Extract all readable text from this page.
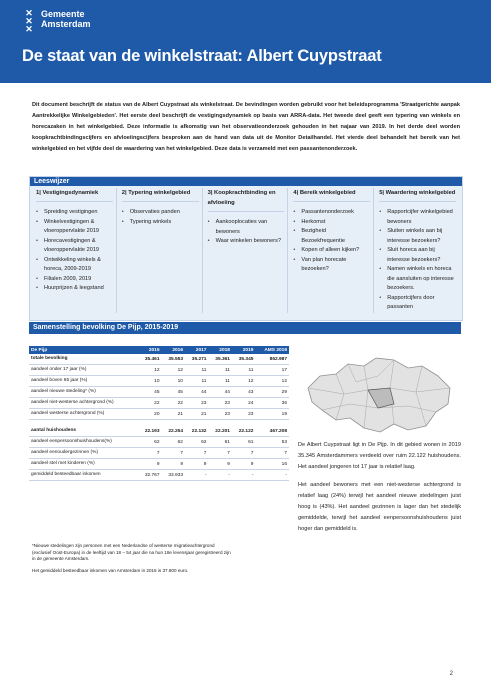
✕
✕
✕
Gemeente
Amsterdam
De staat van de winkelstraat: Albert Cuypstraat

Dit document beschrijft de status van de Albert Cuypstraat als winkelstraat. De bevindingen worden gebruikt voor het beleidsprogramma 'Straatgerichte aanpak Aantrekkelijke Winkelgebieden'. Het eerste deel beschrijft de vestigingsdynamiek op basis van ARRA-data. Het tweede deel geeft een typering van winkels en horecazaken in het winkelgebied. Deze informatie is afkomstig van het observatieonderzoek gehouden in het najaar van 2019. In het derde deel worden koopkrachtbindingscijfers en afvloeiingscijfers besproken aan de hand van data uit de Monitor Detailhandel. Het vierde deel behandelt het bereik van het winkelgebied en het vijfde deel de waardering van het winkelgebied. Deze data is verzameld met een passantenonderzoek.

Leeswijzer
1| Vestigingsdynamiek
• Spreiding vestigingen
• Winkelvestigingen & vloeroppervlakte 2019
• Horecavestigingen & vloeroppervlakte 2019
• Ontwikkeling winkels & horeca, 2009-2019
• Filialen 2009, 2019
• Huurprijzen & leegstand
2| Typering winkelgebied
• Observaties panden
• Typering winkels
3| Koopkrachtbinding en afvloeiing
• Aankooplocaties van bewoners
• Waar winkelen bewoners?
4| Bereik winkelgebied
• Passantenonderzoek
• Herkomst
• Bezigheid Bezoekfrequentie
• Kopen of alleen kijken?
• Van plan horecate bezoeken?
5| Waardering winkelgebied
• Rapportcijfer winkelgebied bewoners
• Sluiten winkels aan bij interesse bezoekers?
• Sluit horeca aan bij interesse bezoekers?
• Namen winkels en horeca die aansluiten op interesse bezoekers.
• Rapportcijfers door passanten
Samenstelling bevolking De Pijp, 2015-2019
De Pijp	2015	2016	2017	2018	2019	AMS 2019
totale bevolking	35.461	35.553	35.271	35.361	35.345	862.987
aandeel onder 17 jaar (%)	12	12	11	11	11	17
aandeel boven 65 jaar (%)	10	10	11	11	12	12
aandeel nieuwe stedeling* (%)	45	45	44	44	43	29
aandeel niet-westerse achtergrond (%)	22	22	23	23	24	36
aandeel westerse achtergrond (%)	20	21	21	23	23	19

aantal huishoudens	22.193	22.254	22.132	22.201	22.122	467.208
aandeel eenpersoonshuishoudens(%)	62	62	62	61	61	53
aandeel eenoudergezinnen (%)	7	7	7	7	7	7
aandeel stel met kinderen (%)	9	9	9	9	9	16
gemiddeld besteedbaar inkomen	32.767	33.933	-	-	-	-

*Nieuwe stedelingen zijn personen met een Nederlandse of westerse migratieachtergrond (exclusief Oost-Europa) in de leeftijd van 18 – 54 jaar die na hun 18e levensjaar geregistreerd zijn in de gemeente Amsterdam.

Het gemiddeld besteedbaar inkomen van Amsterdam in 2016 is 37.800 euro.

De Albert Cuypstraat ligt in De Pijp. In dit gebied wonen in 2019 35.345 Amsterdammers verdeeld over ruim 22.122 huishoudens. Het aandeel jongeren tot 17 jaar is relatief laag.

Het aandeel bewoners met een niet-westerse achtergrond is relatief laag (24%) terwijl het aandeel nieuwe stedelingen juist hoog is (43%). Het aandeel gezinnen is lager dan het stedelijk gemiddelde, terwijl het aandeel eenpersoonshuishoudens juist hoger dan gemiddeld is.

2
